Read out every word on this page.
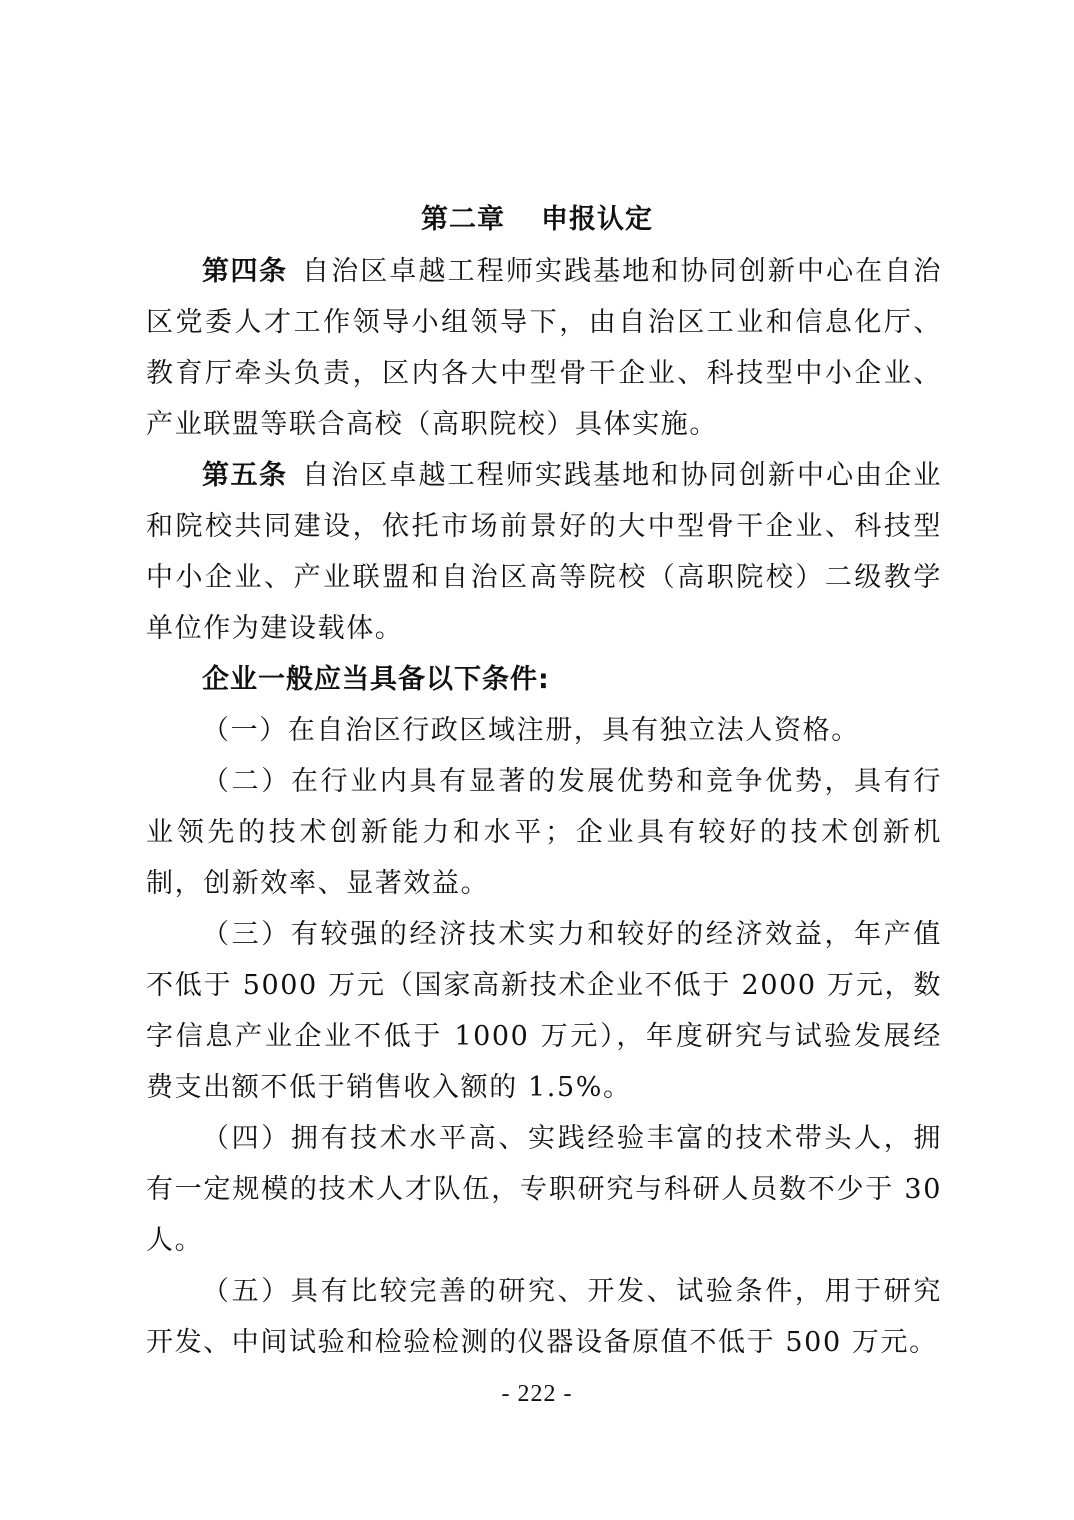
第二章 申报认定

第四条 自治区卓越工程师实践基地和协同创新中心在自治区党委人才工作领导小组领导下，由自治区工业和信息化厅、教育厅牵头负责，区内各大中型骨干企业、科技型中小企业、产业联盟等联合高校（高职院校）具体实施。

第五条 自治区卓越工程师实践基地和协同创新中心由企业和院校共同建设，依托市场前景好的大中型骨干企业、科技型中小企业、产业联盟和自治区高等院校（高职院校）二级教学单位作为建设载体。

企业一般应当具备以下条件:

（一）在自治区行政区域注册，具有独立法人资格。

（二）在行业内具有显著的发展优势和竞争优势，具有行业领先的技术创新能力和水平；企业具有较好的技术创新机制，创新效率、显著效益。

（三）有较强的经济技术实力和较好的经济效益，年产值不低于 5000 万元（国家高新技术企业不低于 2000 万元，数字信息产业企业不低于 1000 万元），年度研究与试验发展经费支出额不低于销售收入额的 1.5%。

（四）拥有技术水平高、实践经验丰富的技术带头人，拥有一定规模的技术人才队伍，专职研究与科研人员数不少于 30 人。

（五）具有比较完善的研究、开发、试验条件，用于研究开发、中间试验和检验检测的仪器设备原值不低于 500 万元。

- 222 -
